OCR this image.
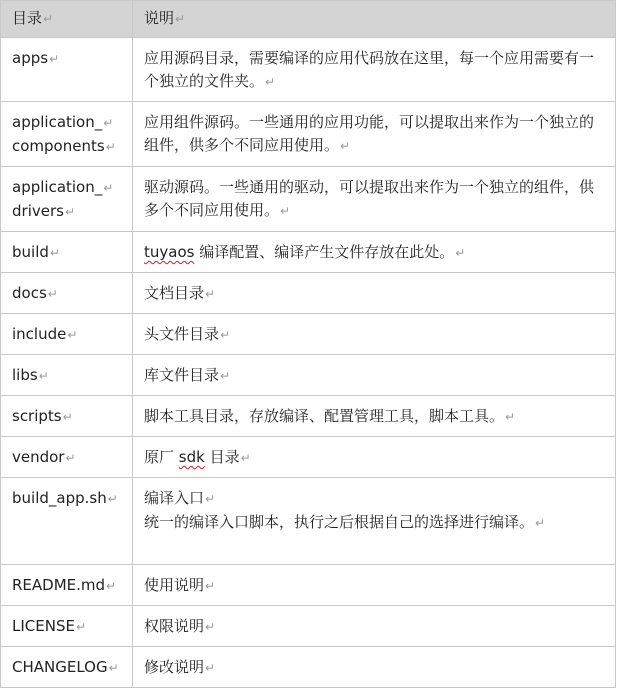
目录↵	说明↵

apps↵	应用源码目录，需要编译的应用代码放在这里，每一个应用需要有一个独立的文件夹。↵

application_↵
components↵	应用组件源码。一些通用的应用功能，可以提取出来作为一个独立的组件，供多个不同应用使用。↵

application_↵
drivers↵	驱动源码。一些通用的驱动，可以提取出来作为一个独立的组件，供多个不同应用使用。↵

build↵	tuyaos 编译配置、编译产生文件存放在此处。↵

docs↵	文档目录↵

include↵	头文件目录↵

libs↵	库文件目录↵

scripts↵	脚本工具目录，存放编译、配置管理工具，脚本工具。↵

vendor↵	原厂 sdk 目录↵

build_app.sh↵	编译入口↵
统一的编译入口脚本，执行之后根据自己的选择进行编译。↵

README.md↵	使用说明↵

LICENSE↵	权限说明↵

CHANGELOG↵	修改说明↵
